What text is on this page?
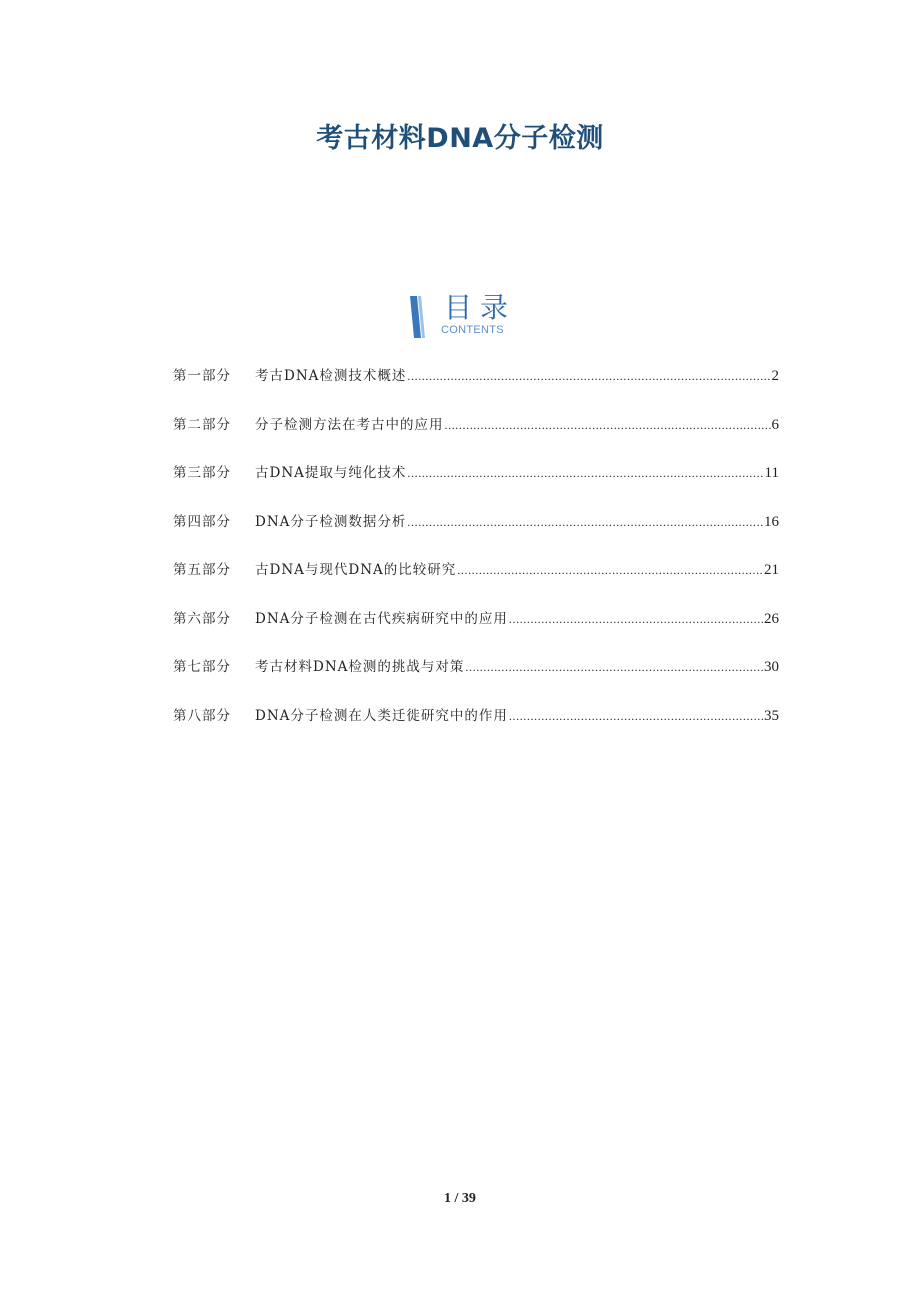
考古材料DNA分子检测
目录
CONTENTS
第一部分	考古DNA检测技术概述 .....	2
第二部分	分子检测方法在考古中的应用 .....	6
第三部分	古DNA提取与纯化技术 .....	11
第四部分	DNA分子检测数据分析 .....	16
第五部分	古DNA与现代DNA的比较研究 .....	21
第六部分	DNA分子检测在古代疾病研究中的应用 .....	26
第七部分	考古材料DNA检测的挑战与对策 .....	30
第八部分	DNA分子检测在人类迁徙研究中的作用 .....	35
1 / 39
